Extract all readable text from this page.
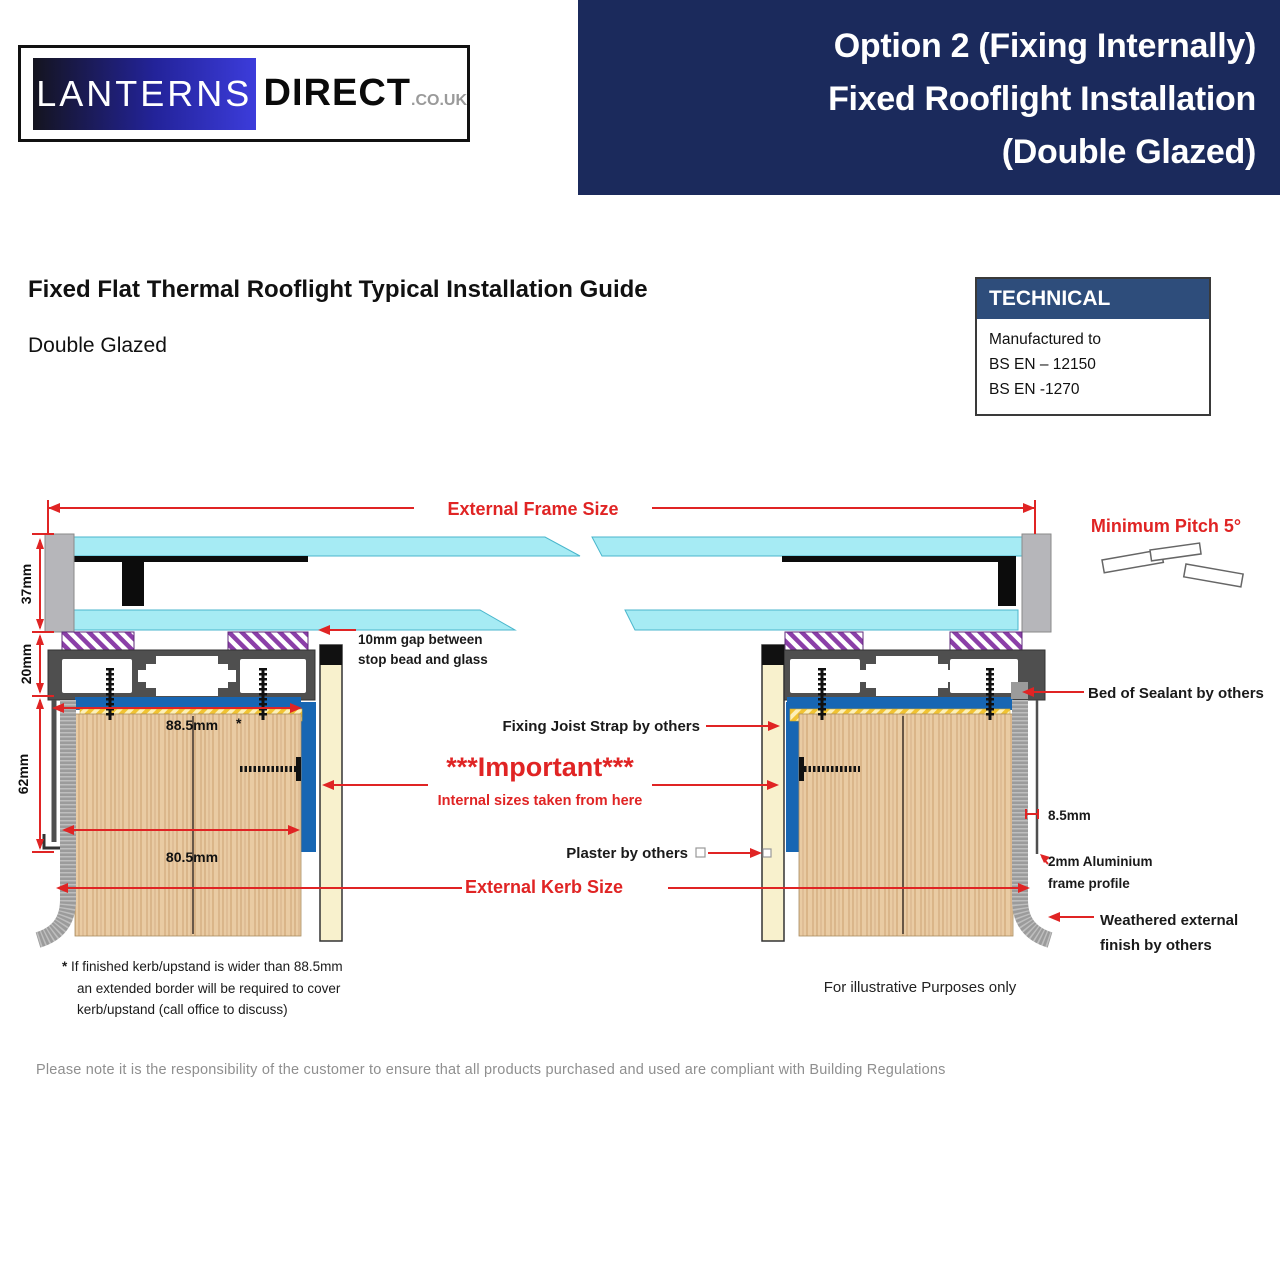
Option 2 (Fixing Internally)
Fixed Rooflight Installation
(Double Glazed)
LANTERNS DIRECT .CO.UK
Fixed Flat Thermal Rooflight Typical Installation Guide
Double Glazed
TECHNICAL
Manufactured to
BS EN – 12150
BS EN -1270
External Frame Size
Minimum Pitch 5°
37mm
20mm
62mm
10mm gap between
stop bead and glass
88.5mm *
80.5mm
Fixing Joist Strap by others
***Important***
Internal sizes taken from here
Plaster by others
External Kerb Size
Bed of Sealant by others
8.5mm
2mm Aluminium
frame profile
Weathered external
finish by others
For illustrative Purposes only
* If finished kerb/upstand is wider than 88.5mm
an extended border will be required to cover
kerb/upstand (call office to discuss)
Please note it is the responsibility of the customer to ensure that all products purchased and used are compliant with Building Regulations
